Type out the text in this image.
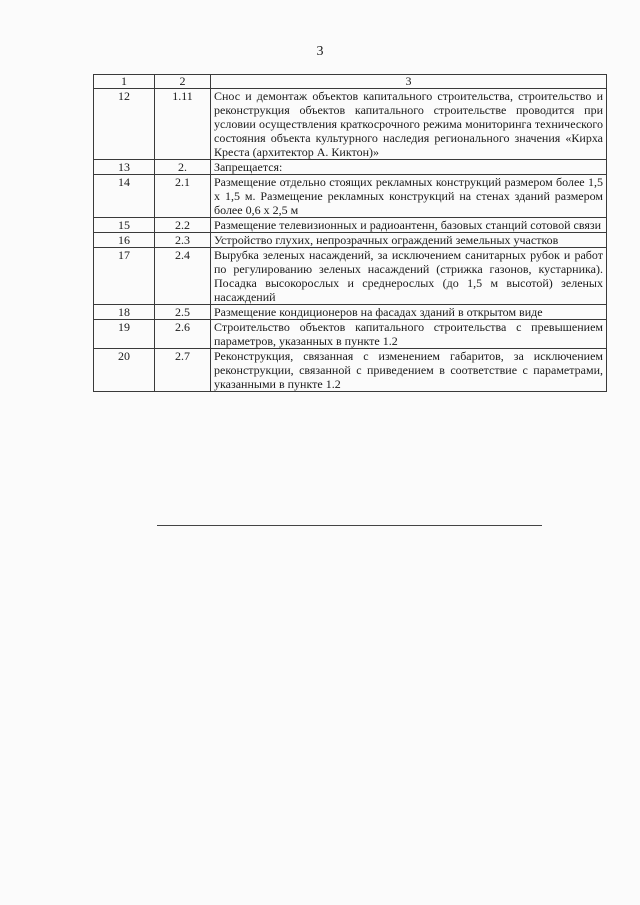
3
1	2	3
12	1.11	Снос и демонтаж объектов капитального строительства, строительство и реконструкция объектов капитального строительстве проводится при условии осуществления краткосрочного режима мониторинга технического состояния объекта культурного наследия регионального значения «Кирха Креста (архитектор А. Киктон)»
13	2.	Запрещается:
14	2.1	Размещение отдельно стоящих рекламных конструкций размером более 1,5 х 1,5 м. Размещение рекламных конструкций на стенах зданий размером более 0,6 х 2,5 м
15	2.2	Размещение телевизионных и радиоантенн, базовых станций сотовой связи
16	2.3	Устройство глухих, непрозрачных ограждений земельных участков
17	2.4	Вырубка зеленых насаждений, за исключением санитарных рубок и работ по регулированию зеленых насаждений (стрижка газонов, кустарника). Посадка высокорослых и среднерослых (до 1,5 м высотой) зеленых насаждений
18	2.5	Размещение кондиционеров на фасадах зданий в открытом виде
19	2.6	Строительство объектов капитального строительства с превышением параметров, указанных в пункте 1.2
20	2.7	Реконструкция, связанная с изменением габаритов, за исключением реконструкции, связанной с приведением в соответствие с параметрами, указанными в пункте 1.2
